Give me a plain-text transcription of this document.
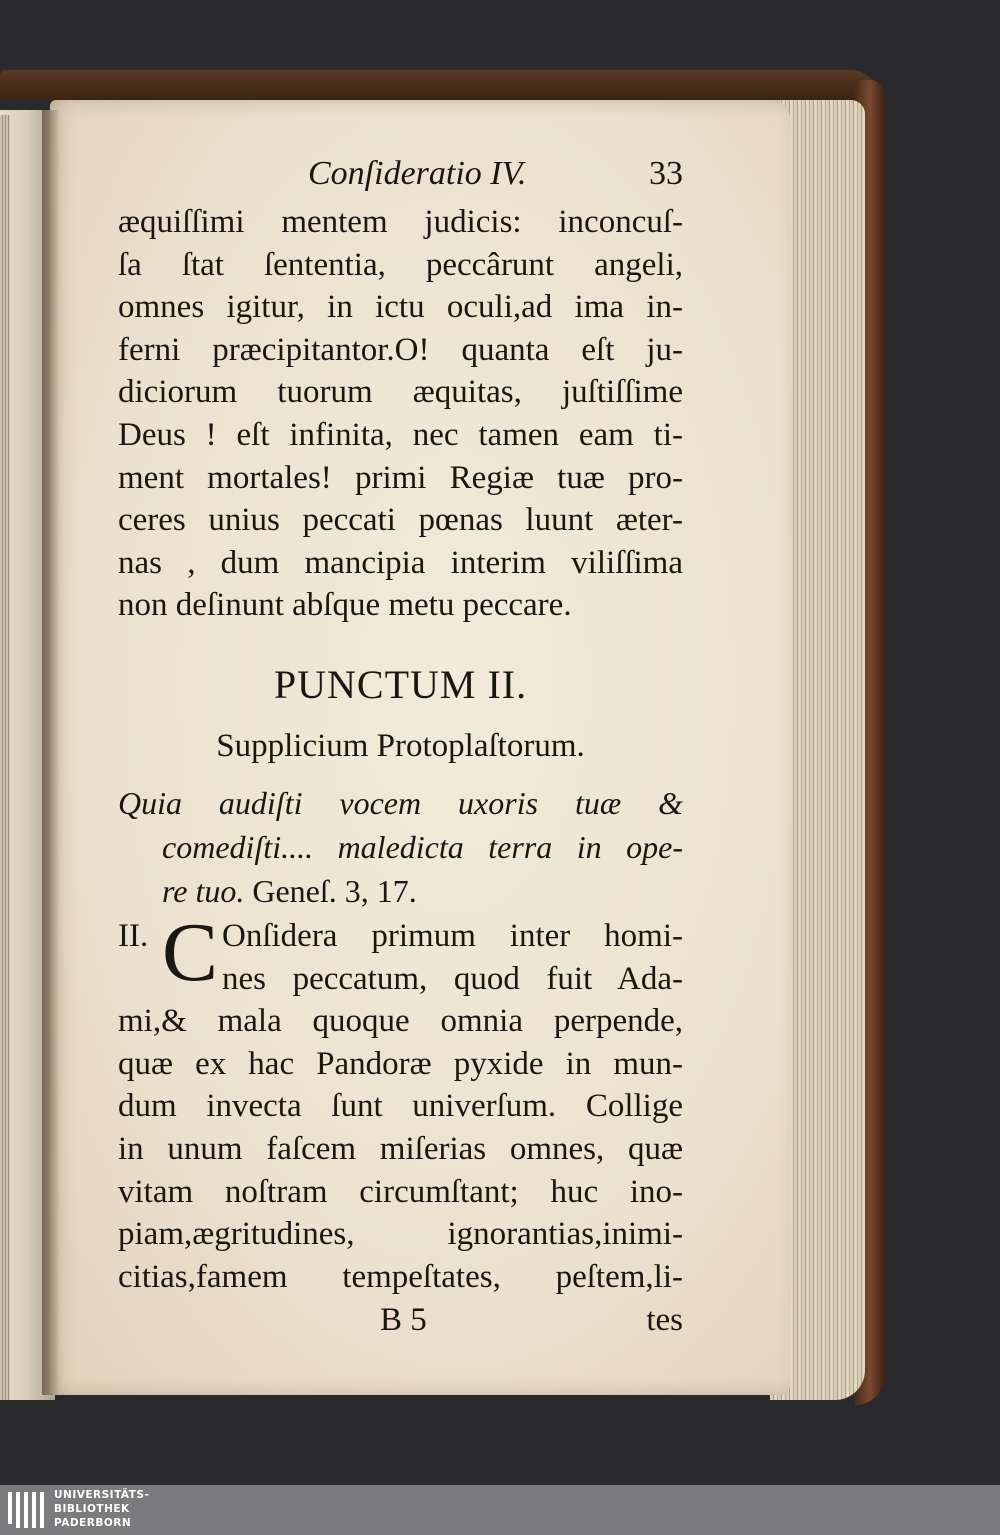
Conſideratio IV.	33
æquiſſimi mentem judicis: inconcuſ-
ſa ſtat ſententia, peccârunt angeli,
omnes igitur, in ictu oculi,ad ima in-
ferni præcipitantor.O! quanta eſt ju-
diciorum tuorum æquitas, juſtiſſime
Deus ! eſt infinita, nec tamen eam ti-
ment mortales! primi Regiæ tuæ pro-
ceres unius peccati pœnas luunt æter-
nas , dum mancipia interim viliſſima
non deſinunt abſque metu peccare.
PUNCTUM II.
Supplicium Protoplaſtorum.
Quia audiſti vocem uxoris tuæ &
comediſti.... maledicta terra in ope-
re tuo. Geneſ. 3, 17.
II. C Onſidera primum inter homi-
nes peccatum, quod fuit Ada-
mi,& mala quoque omnia perpende,
quæ ex hac Pandoræ pyxide in mun-
dum invecta ſunt univerſum. Collige
in unum faſcem miſerias omnes, quæ
vitam noſtram circumſtant; huc ino-
piam,ægritudines, ignorantias,inimi-
citias,famem tempeſtates, peſtem,li-
B 5	tes
UNIVERSITÄTS-
BIBLIOTHEK
PADERBORN
